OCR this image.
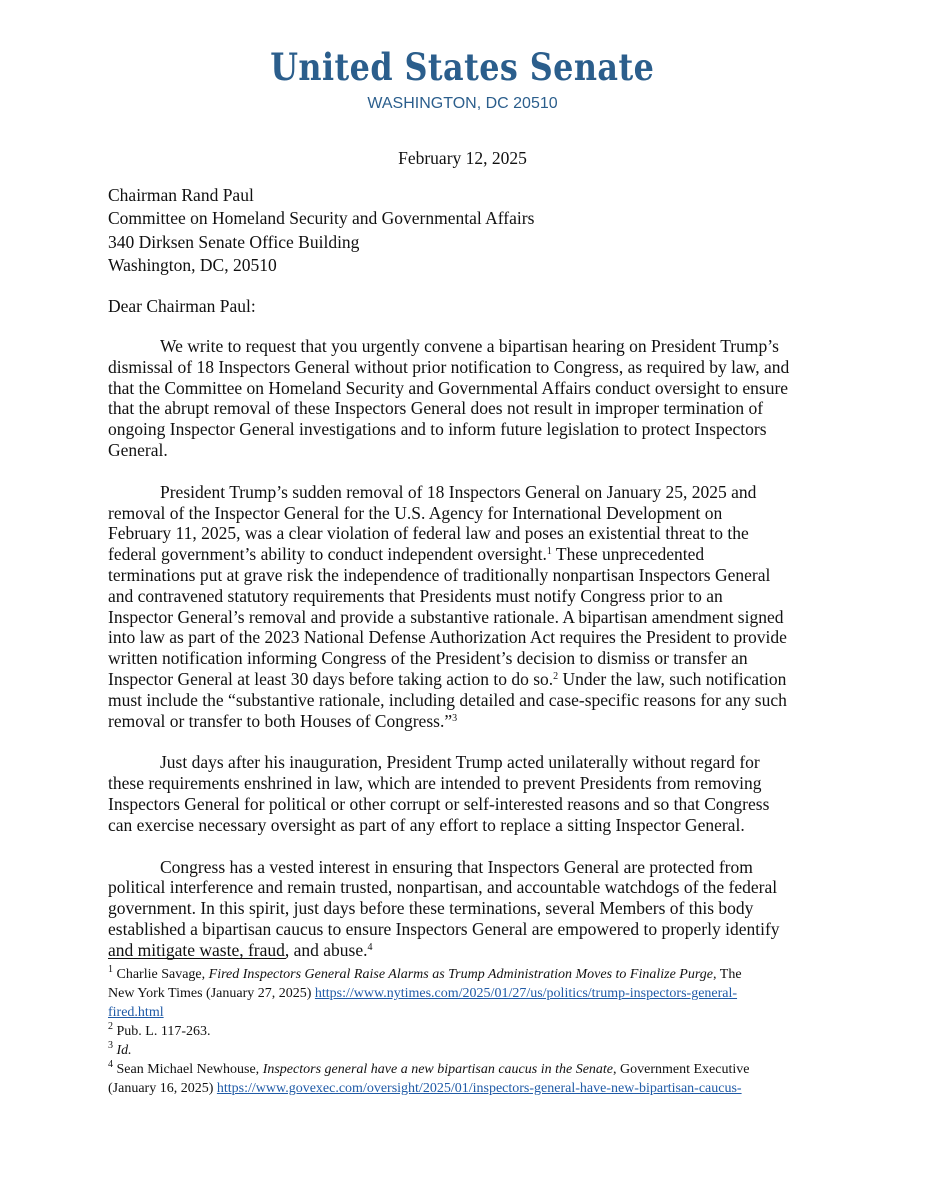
United States Senate
WASHINGTON, DC 20510
February 12, 2025
Chairman Rand Paul
Committee on Homeland Security and Governmental Affairs
340 Dirksen Senate Office Building
Washington, DC, 20510
Dear Chairman Paul:
We write to request that you urgently convene a bipartisan hearing on President Trump’s
dismissal of 18 Inspectors General without prior notification to Congress, as required by law, and
that the Committee on Homeland Security and Governmental Affairs conduct oversight to ensure
that the abrupt removal of these Inspectors General does not result in improper termination of
ongoing Inspector General investigations and to inform future legislation to protect Inspectors
General.
President Trump’s sudden removal of 18 Inspectors General on January 25, 2025 and
removal of the Inspector General for the U.S. Agency for International Development on
February 11, 2025, was a clear violation of federal law and poses an existential threat to the
federal government’s ability to conduct independent oversight.$^1$ These unprecedented
terminations put at grave risk the independence of traditionally nonpartisan Inspectors General
and contravened statutory requirements that Presidents must notify Congress prior to an
Inspector General’s removal and provide a substantive rationale. A bipartisan amendment signed
into law as part of the 2023 National Defense Authorization Act requires the President to provide
written notification informing Congress of the President’s decision to dismiss or transfer an
Inspector General at least 30 days before taking action to do so.$^2$ Under the law, such notification
must include the “substantive rationale, including detailed and case-specific reasons for any such
removal or transfer to both Houses of Congress.”$^3$
Just days after his inauguration, President Trump acted unilaterally without regard for
these requirements enshrined in law, which are intended to prevent Presidents from removing
Inspectors General for political or other corrupt or self-interested reasons and so that Congress
can exercise necessary oversight as part of any effort to replace a sitting Inspector General.
Congress has a vested interest in ensuring that Inspectors General are protected from
political interference and remain trusted, nonpartisan, and accountable watchdogs of the federal
government. In this spirit, just days before these terminations, several Members of this body
established a bipartisan caucus to ensure Inspectors General are empowered to properly identify
and mitigate waste, fraud, and abuse.$^4$
$^1$ Charlie Savage, Fired Inspectors General Raise Alarms as Trump Administration Moves to Finalize Purge, The
New York Times (January 27, 2025) https://www.nytimes.com/2025/01/27/us/politics/trump-inspectors-general-
fired.html
$^2$ Pub. L. 117-263.
$^3$ Id.
$^4$ Sean Michael Newhouse, Inspectors general have a new bipartisan caucus in the Senate, Government Executive
(January 16, 2025) https://www.govexec.com/oversight/2025/01/inspectors-general-have-new-bipartisan-caucus-
